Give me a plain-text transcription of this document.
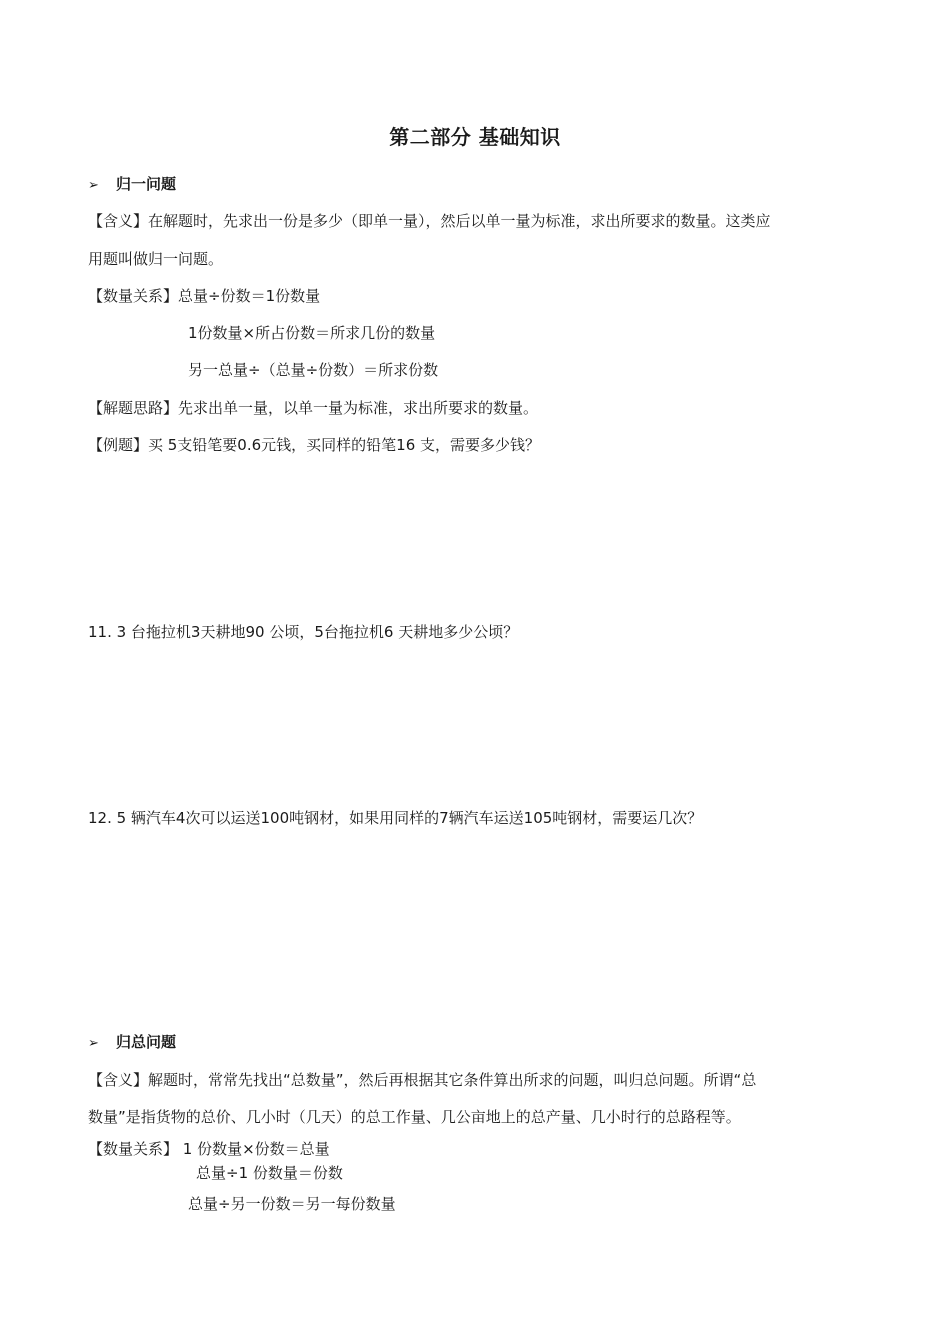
第二部分 基础知识
➢ 归一问题
【含义】在解题时，先求出一份是多少（即单一量），然后以单一量为标准，求出所要求的数量。这类应
用题叫做归一问题。
【数量关系】总量÷份数＝1份数量
1份数量×所占份数＝所求几份的数量
另一总量÷（总量÷份数）＝所求份数
【解题思路】先求出单一量，以单一量为标准，求出所要求的数量。
【例题】买 5支铅笔要0.6元钱，买同样的铅笔16 支，需要多少钱？
11. 3 台拖拉机3天耕地90 公顷，5台拖拉机6 天耕地多少公顷？
12. 5 辆汽车4次可以运送100吨钢材，如果用同样的7辆汽车运送105吨钢材，需要运几次？
➢ 归总问题
【含义】解题时，常常先找出“总数量”，然后再根据其它条件算出所求的问题，叫归总问题。所谓“总
数量”是指货物的总价、几小时（几天）的总工作量、几公亩地上的总产量、几小时行的总路程等。
【数量关系】 1 份数量×份数＝总量
总量÷1 份数量＝份数
总量÷另一份数＝另一每份数量
